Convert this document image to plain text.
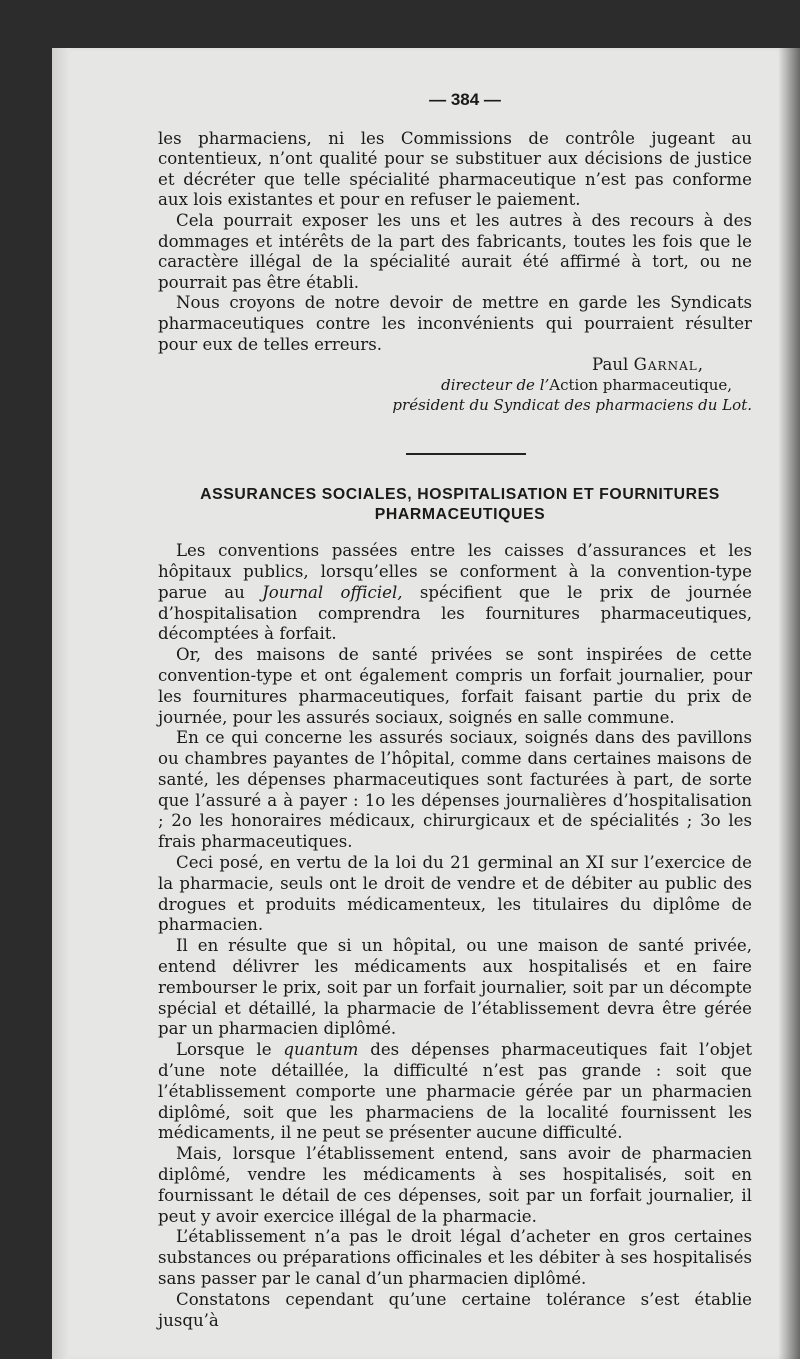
— 384 —

les pharmaciens, ni les Commissions de contrôle jugeant au contentieux, n’ont qualité pour se substituer aux décisions de justice et décréter que telle spécialité pharmaceutique n’est pas conforme aux lois existantes et pour en refuser le paiement.

Cela pourrait exposer les uns et les autres à des recours à des dommages et intérêts de la part des fabricants, toutes les fois que le caractère illégal de la spécialité aurait été affirmé à tort, ou ne pourrait pas être établi.

Nous croyons de notre devoir de mettre en garde les Syndicats pharmaceutiques contre les inconvénients qui pourraient résulter pour eux de telles erreurs.

Paul Garnal,
directeur de l’Action pharmaceutique,
président du Syndicat des pharmaciens du Lot.
ASSURANCES SOCIALES, HOSPITALISATION ET FOURNITURES
PHARMACEUTIQUES

Les conventions passées entre les caisses d’assurances et les hôpitaux publics, lorsqu’elles se conforment à la convention-type parue au Journal officiel, spécifient que le prix de journée d’hospitalisation comprendra les fournitures pharmaceutiques, décomptées à forfait.

Or, des maisons de santé privées se sont inspirées de cette convention-type et ont également compris un forfait journalier, pour les fournitures pharmaceutiques, forfait faisant partie du prix de journée, pour les assurés sociaux, soignés en salle commune.

En ce qui concerne les assurés sociaux, soignés dans des pavillons ou chambres payantes de l’hôpital, comme dans certaines maisons de santé, les dépenses pharmaceutiques sont facturées à part, de sorte que l’assuré a à payer : 1o les dépenses journalières d’hospitalisation ; 2o les honoraires médicaux, chirurgicaux et de spécialités ; 3o les frais pharmaceutiques.

Ceci posé, en vertu de la loi du 21 germinal an XI sur l’exercice de la pharmacie, seuls ont le droit de vendre et de débiter au public des drogues et produits médicamenteux, les titulaires du diplôme de pharmacien.

Il en résulte que si un hôpital, ou une maison de santé privée, entend délivrer les médicaments aux hospitalisés et en faire rembourser le prix, soit par un forfait journalier, soit par un décompte spécial et détaillé, la pharmacie de l’établissement devra être gérée par un pharmacien diplômé.

Lorsque le quantum des dépenses pharmaceutiques fait l’objet d’une note détaillée, la difficulté n’est pas grande : soit que l’établissement comporte une pharmacie gérée par un pharmacien diplômé, soit que les pharmaciens de la localité fournissent les médicaments, il ne peut se présenter aucune difficulté.

Mais, lorsque l’établissement entend, sans avoir de pharmacien diplômé, vendre les médicaments à ses hospitalisés, soit en fournissant le détail de ces dépenses, soit par un forfait journalier, il peut y avoir exercice illégal de la pharmacie.

L’établissement n’a pas le droit légal d’acheter en gros certaines substances ou préparations officinales et les débiter à ses hospitalisés sans passer par le canal d’un pharmacien diplômé.

Constatons cependant qu’une certaine tolérance s’est établie jusqu’à
